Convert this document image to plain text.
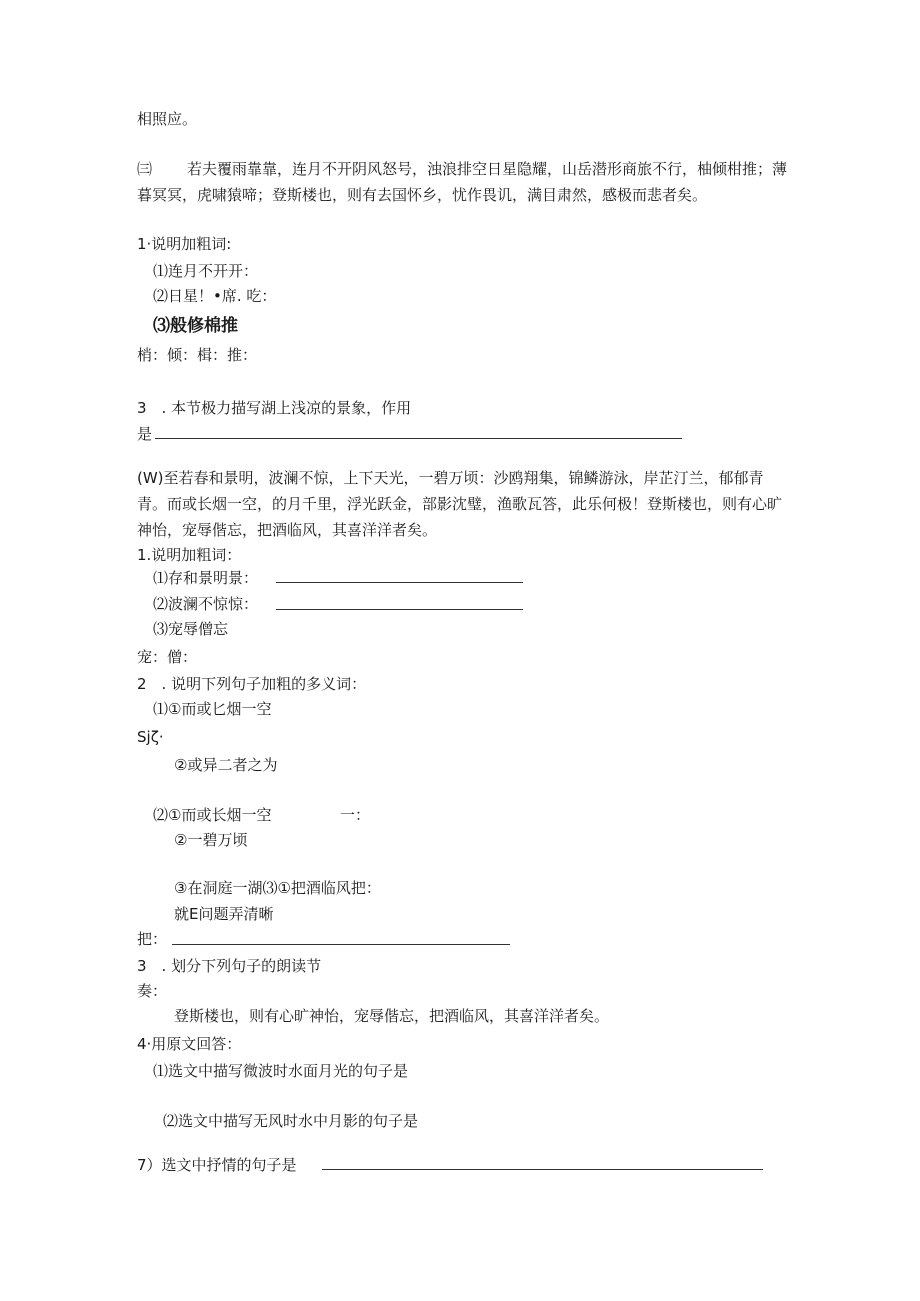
相照应。
㈢	若夫覆雨靠靠，连月不开阴风怒号，浊浪排空日星隐耀，山岳潜形商旅不行，柚倾柑推；薄暮冥冥，虎啸猿啼；登斯楼也，则有去国怀乡，忧作畏讥，满目肃然，感极而悲者矣。
1·说明加粗词:
⑴连月不开开：
⑵日星！•席. 吃：
⑶般修棉推
梢：倾：楫：推：
3　. 本节极力描写湖上浅凉的景象，作用
是
(W)至若春和景明，波澜不惊，上下天光，一碧万顷：沙鸥翔集，锦鳞游泳，岸芷汀兰，郁郁青青。而或长烟一空，的月千里，浮光跃金，部影沈璧，渔歌瓦答，此乐何极！登斯楼也，则有心旷神怡，宠辱偕忘，把酒临风，其喜洋洋者矣。
1.说明加粗词：
⑴存和景明景：
⑵波澜不惊惊：
⑶宠辱僧忘
宠：僧：
2　. 说明下列句子加粗的多义词：
⑴①而或匕烟一空
Sjζ·
②或异二者之为
⑵①而或长烟一空	一：
②一碧万顷
③在洞庭一湖⑶①把酒临风把：
就E问题弄清晰
把：
3　. 划分下列句子的朗读节
奏：
登斯楼也，则有心旷神怡，宠辱偕忘，把酒临风，其喜洋洋者矣。
4·用原文回答：
⑴选文中描写微波时水面月光的句子是
⑵选文中描写无风时水中月影的句子是
7）选文中抒情的句子是
